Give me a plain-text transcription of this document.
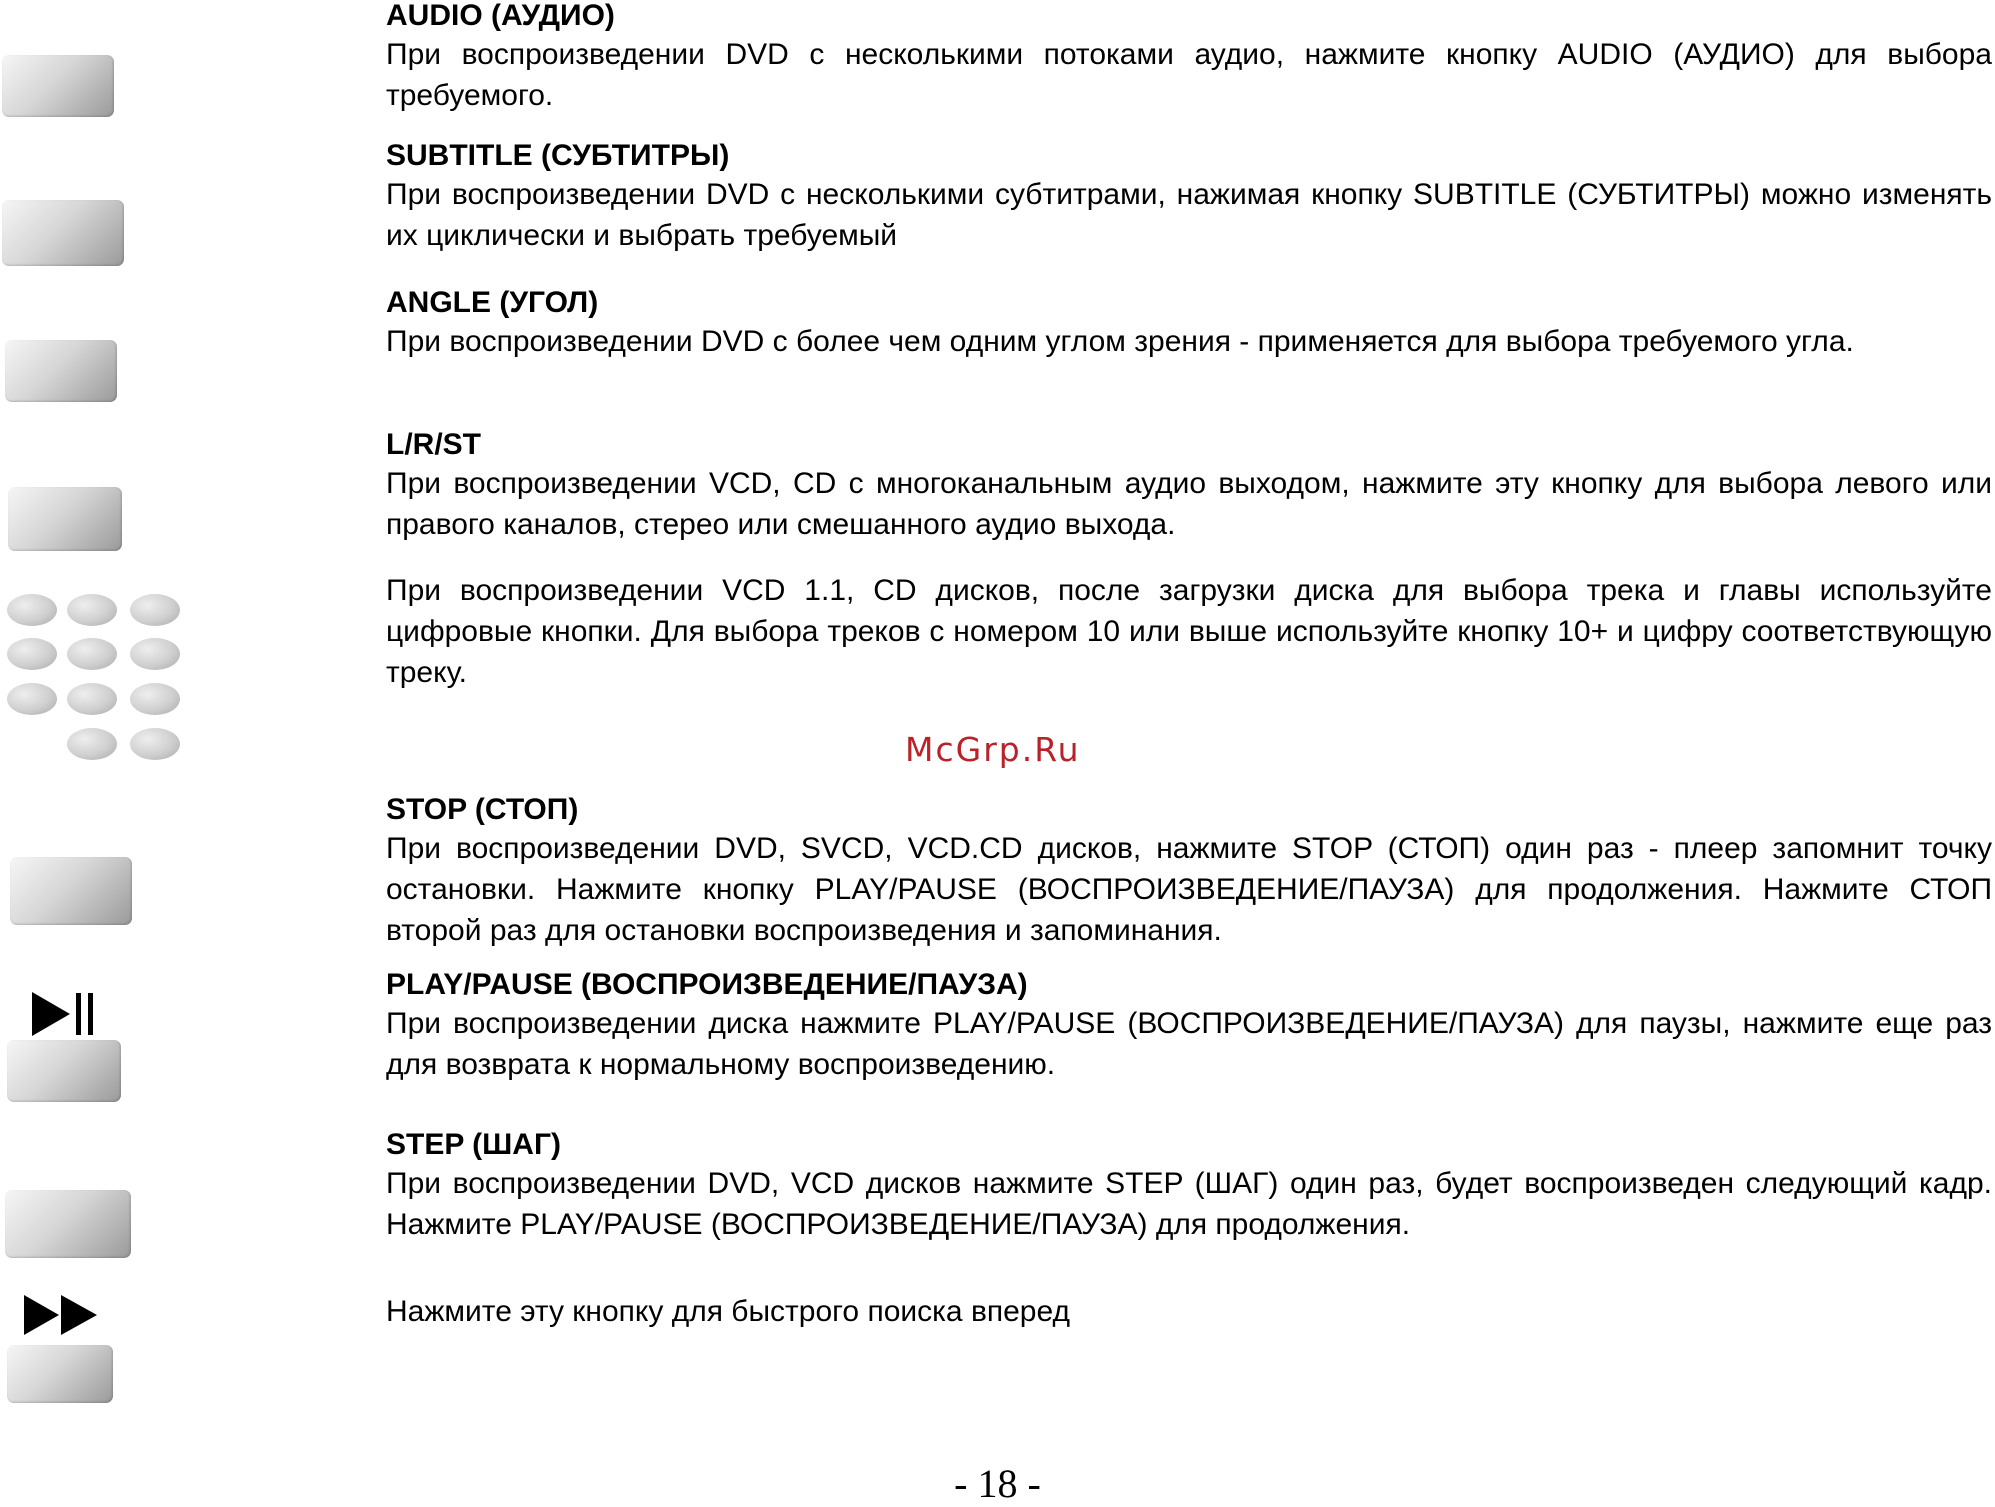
AUDIO (АУДИО)

При воспроизведении DVD с несколькими потоками аудио, нажмите кнопку AUDIO (АУДИО) для выбора требуемого.

SUBTITLE (СУБТИТРЫ)

При воспроизведении DVD с несколькими субтитрами, нажимая кнопку SUBTITLE (СУБТИТРЫ) можно изменять их циклически и выбрать требуемый

ANGLE (УГОЛ)

При воспроизведении DVD с более чем одним углом зрения - применяется для выбора требуемого угла.

L/R/ST

При воспроизведении VCD, CD с многоканальным аудио выходом, нажмите эту кнопку для выбора левого или правого каналов, стерео или смешанного аудио выхода.

При воспроизведении VCD 1.1, CD дисков, после загрузки диска для выбора трека и главы используйте цифровые кнопки. Для выбора треков с номером 10 или выше используйте кнопку 10+ и цифру соответствующую треку.

McGrp.Ru

STOP (СТОП)

При воспроизведении DVD, SVCD, VCD.CD дисков, нажмите STOP (СТОП) один раз - плеер запомнит точку остановки. Нажмите кнопку PLAY/PAUSE (ВОСПРОИЗВЕДЕНИЕ/ПАУЗА) для продолжения. Нажмите СТОП второй раз для остановки воспроизведения и запоминания.

PLAY/PAUSE (ВОСПРОИЗВЕДЕНИЕ/ПАУЗА)

При воспроизведении диска нажмите PLAY/PAUSE (ВОСПРОИЗВЕДЕНИЕ/ПАУЗА) для паузы, нажмите еще раз для возврата к нормальному воспроизведению.

STEP (ШАГ)

При воспроизведении DVD, VCD дисков нажмите STEP (ШАГ) один раз, будет воспроизведен следующий кадр. Нажмите PLAY/PAUSE (ВОСПРОИЗВЕДЕНИЕ/ПАУЗА) для продолжения.

Нажмите эту кнопку для быстрого поиска вперед

- 18 -
